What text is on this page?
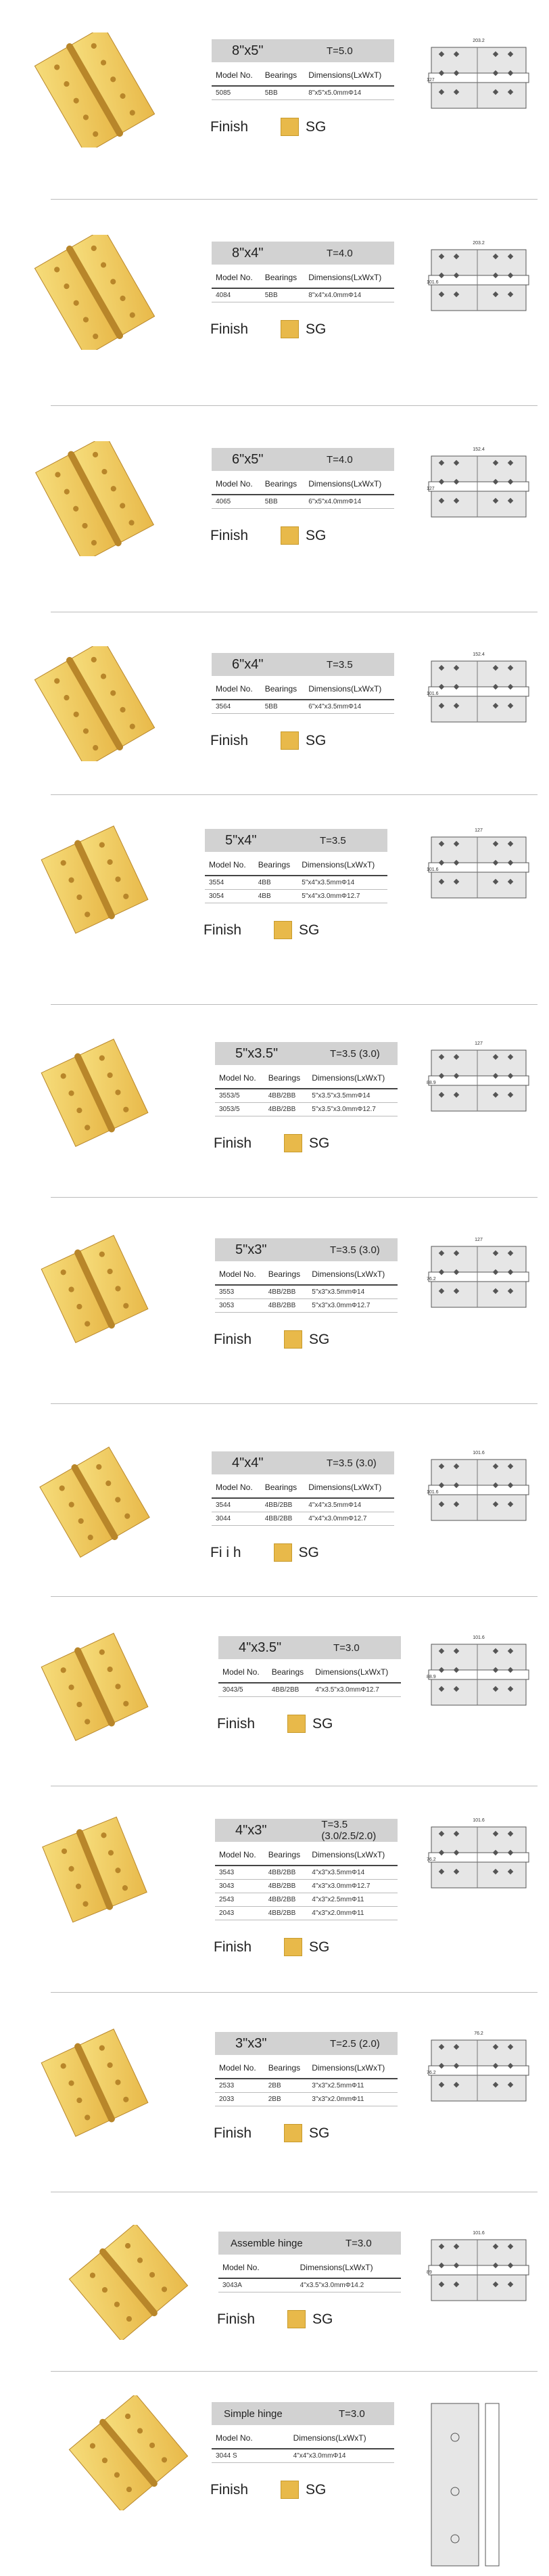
8"x5"	T=5.0
Model No.	Bearings	Dimensions(LxWxT)
5085	5BB	8"x5"x5.0mmΦ14
Finish	SG
203.2
127
8"x4"	T=4.0
Model No.	Bearings	Dimensions(LxWxT)
4084	5BB	8"x4"x4.0mmΦ14
Finish	SG
203.2
101.6
6"x5"	T=4.0
Model No.	Bearings	Dimensions(LxWxT)
4065	5BB	6"x5"x4.0mmΦ14
Finish	SG
152.4
127
6"x4"	T=3.5
Model No.	Bearings	Dimensions(LxWxT)
3564	5BB	6"x4"x3.5mmΦ14
Finish	SG
152.4
101.6
5"x4"	T=3.5
Model No.	Bearings	Dimensions(LxWxT)
3554	4BB	5"x4"x3.5mmΦ14
3054	4BB	5"x4"x3.0mmΦ12.7
Finish	SG
127
101.6
5"x3.5"	T=3.5 (3.0)
Model No.	Bearings	Dimensions(LxWxT)
3553/5	4BB/2BB	5"x3.5"x3.5mmΦ14
3053/5	4BB/2BB	5"x3.5"x3.0mmΦ12.7
Finish	SG
127
88.9
5"x3"	T=3.5 (3.0)
Model No.	Bearings	Dimensions(LxWxT)
3553	4BB/2BB	5"x3"x3.5mmΦ14
3053	4BB/2BB	5"x3"x3.0mmΦ12.7
Finish	SG
127
76.2
4"x4"	T=3.5 (3.0)
Model No.	Bearings	Dimensions(LxWxT)
3544	4BB/2BB	4"x4"x3.5mmΦ14
3044	4BB/2BB	4"x4"x3.0mmΦ12.7
Fi i h	SG
101.6
101.6
4"x3.5"	T=3.0
Model No.	Bearings	Dimensions(LxWxT)
3043/5	4BB/2BB	4"x3.5"x3.0mmΦ12.7
Finish	SG
101.6
88.9
4"x3"	T=3.5 (3.0/2.5/2.0)
Model No.	Bearings	Dimensions(LxWxT)
3543	4BB/2BB	4"x3"x3.5mmΦ14
3043	4BB/2BB	4"x3"x3.0mmΦ12.7
2543	4BB/2BB	4"x3"x2.5mmΦ11
2043	4BB/2BB	4"x3"x2.0mmΦ11
Finish	SG
101.6
76.2
3"x3"	T=2.5 (2.0)
Model No.	Bearings	Dimensions(LxWxT)
2533	2BB	3"x3"x2.5mmΦ11
2033	2BB	3"x3"x2.0mmΦ11
Finish	SG
76.2
76.2
Assemble hinge	T=3.0
Model No.	Dimensions(LxWxT)
3043A	4"x3.5"x3.0mmΦ14.2
Finish	SG
101.6
89
Simple hinge	T=3.0
Model No.	Dimensions(LxWxT)
3044 S	4"x4"x3.0mmΦ14
Finish	SG
